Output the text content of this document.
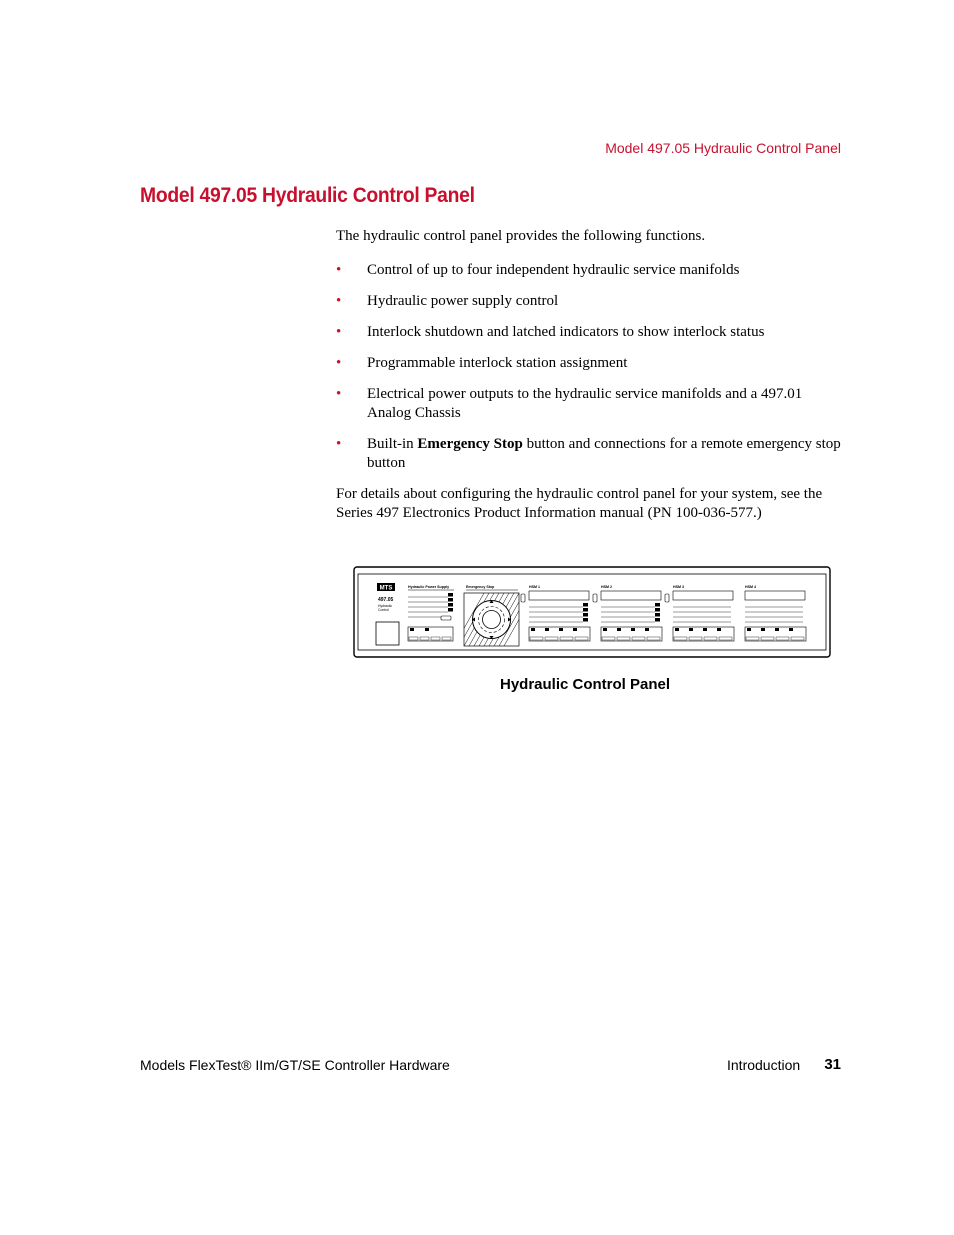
Model 497.05 Hydraulic Control Panel
Model 497.05 Hydraulic Control Panel

The hydraulic control panel provides the following functions.

• Control of up to four independent hydraulic service manifolds
• Hydraulic power supply control
• Interlock shutdown and latched indicators to show interlock status
• Programmable interlock station assignment
• Electrical power outputs to the hydraulic service manifolds and a 497.01 Analog Chassis
• Built-in Emergency Stop button and connections for a remote emergency stop button

For details about configuring the hydraulic control panel for your system, see the Series 497 Electronics Product Information manual (PN 100-036-577.)

MTS
497.05
Hydraulic
Control
Hydraulic Power Supply	Emergency Stop	HSM 1	HSM 2	HSM 3	HSM 4
Hydraulic Control Panel
Models FlexTest® IIm/GT/SE Controller Hardware	Introduction 31
